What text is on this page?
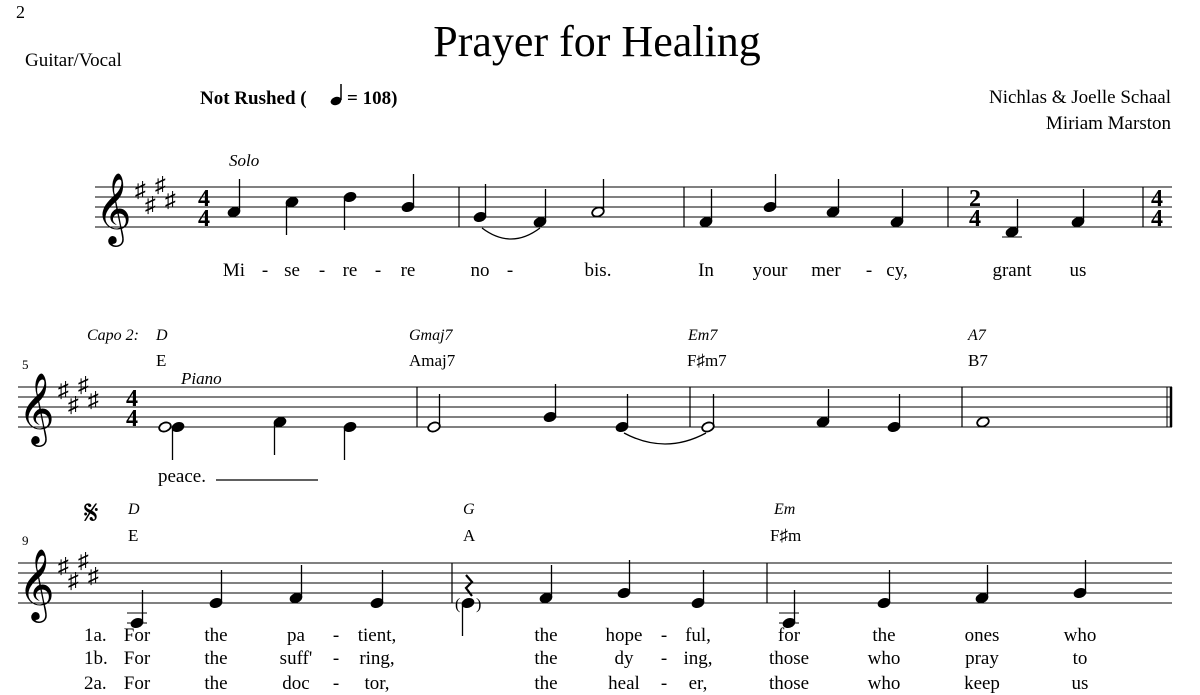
2
Guitar/Vocal	Prayer for Healing
Not Rushed ( = 108)	Nichlas & Joelle Schaal
Miriam Marston
Solo
𝄞 ♯
♯
♯
♯ 4
4
2
4
4
4
Mi - se - re - re	no -	bis.	In your mer - cy,	grant us
Capo 2:
Piano
5
𝄞 ♯
♯
♯
♯ 4
4
D	Gmaj7	Em7	A7
E	Amaj7	F♯m7	B7
peace.
𝄋
9
𝄞 ♯
♯
♯
♯
( )
D	G	Em
E	A	F♯m
1a. For	the	pa - tient,	the	hope - ful,	for	the	ones	who
1b. For	the	suff' - ring,	the	dy - ing,	those	who	pray	to
2a. For	the	doc - tor,	the	heal - er,	those	who	keep	us
